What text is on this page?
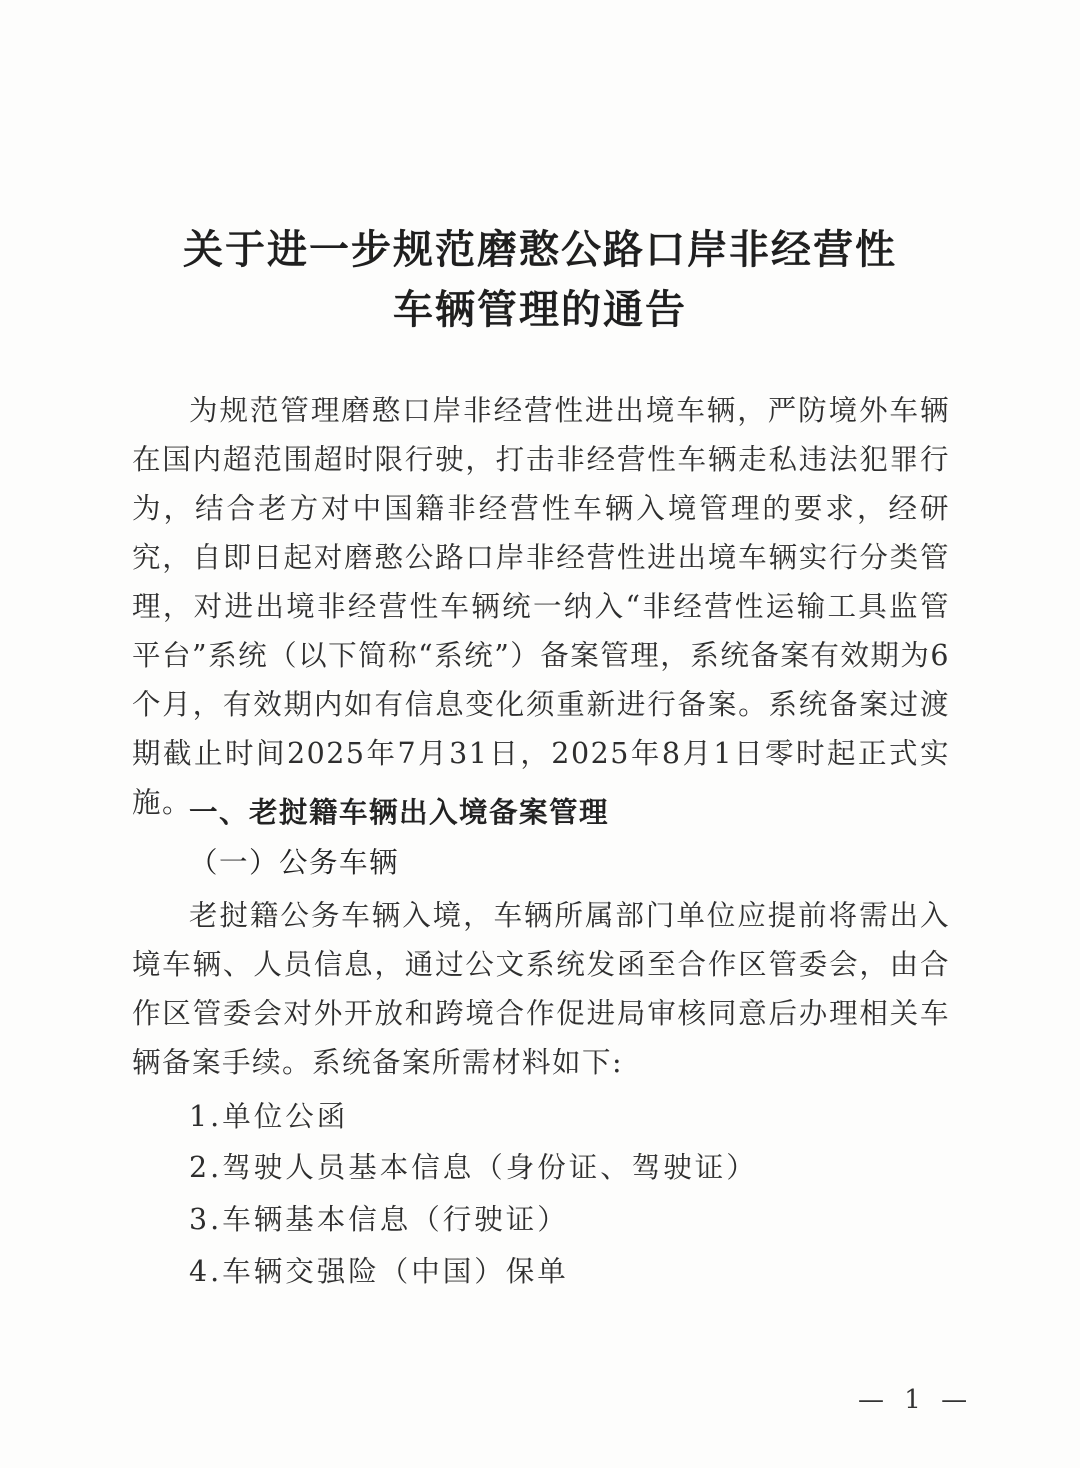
关于进一步规范磨憨公路口岸非经营性
车辆管理的通告

为规范管理磨憨口岸非经营性进出境车辆，严防境外车辆在国内超范围超时限行驶，打击非经营性车辆走私违法犯罪行为，结合老方对中国籍非经营性车辆入境管理的要求，经研究，自即日起对磨憨公路口岸非经营性进出境车辆实行分类管理，对进出境非经营性车辆统一纳入“非经营性运输工具监管平台”系统（以下简称“系统”）备案管理，系统备案有效期为6个月，有效期内如有信息变化须重新进行备案。系统备案过渡期截止时间2025年7月31日，2025年8月1日零时起正式实施。

一、老挝籍车辆出入境备案管理
（一）公务车辆

老挝籍公务车辆入境，车辆所属部门单位应提前将需出入境车辆、人员信息，通过公文系统发函至合作区管委会，由合作区管委会对外开放和跨境合作促进局审核同意后办理相关车辆备案手续。系统备案所需材料如下:

1.单位公函
2.驾驶人员基本信息（身份证、驾驶证）
3.车辆基本信息（行驶证）
4.车辆交强险（中国）保单
— 1 —
